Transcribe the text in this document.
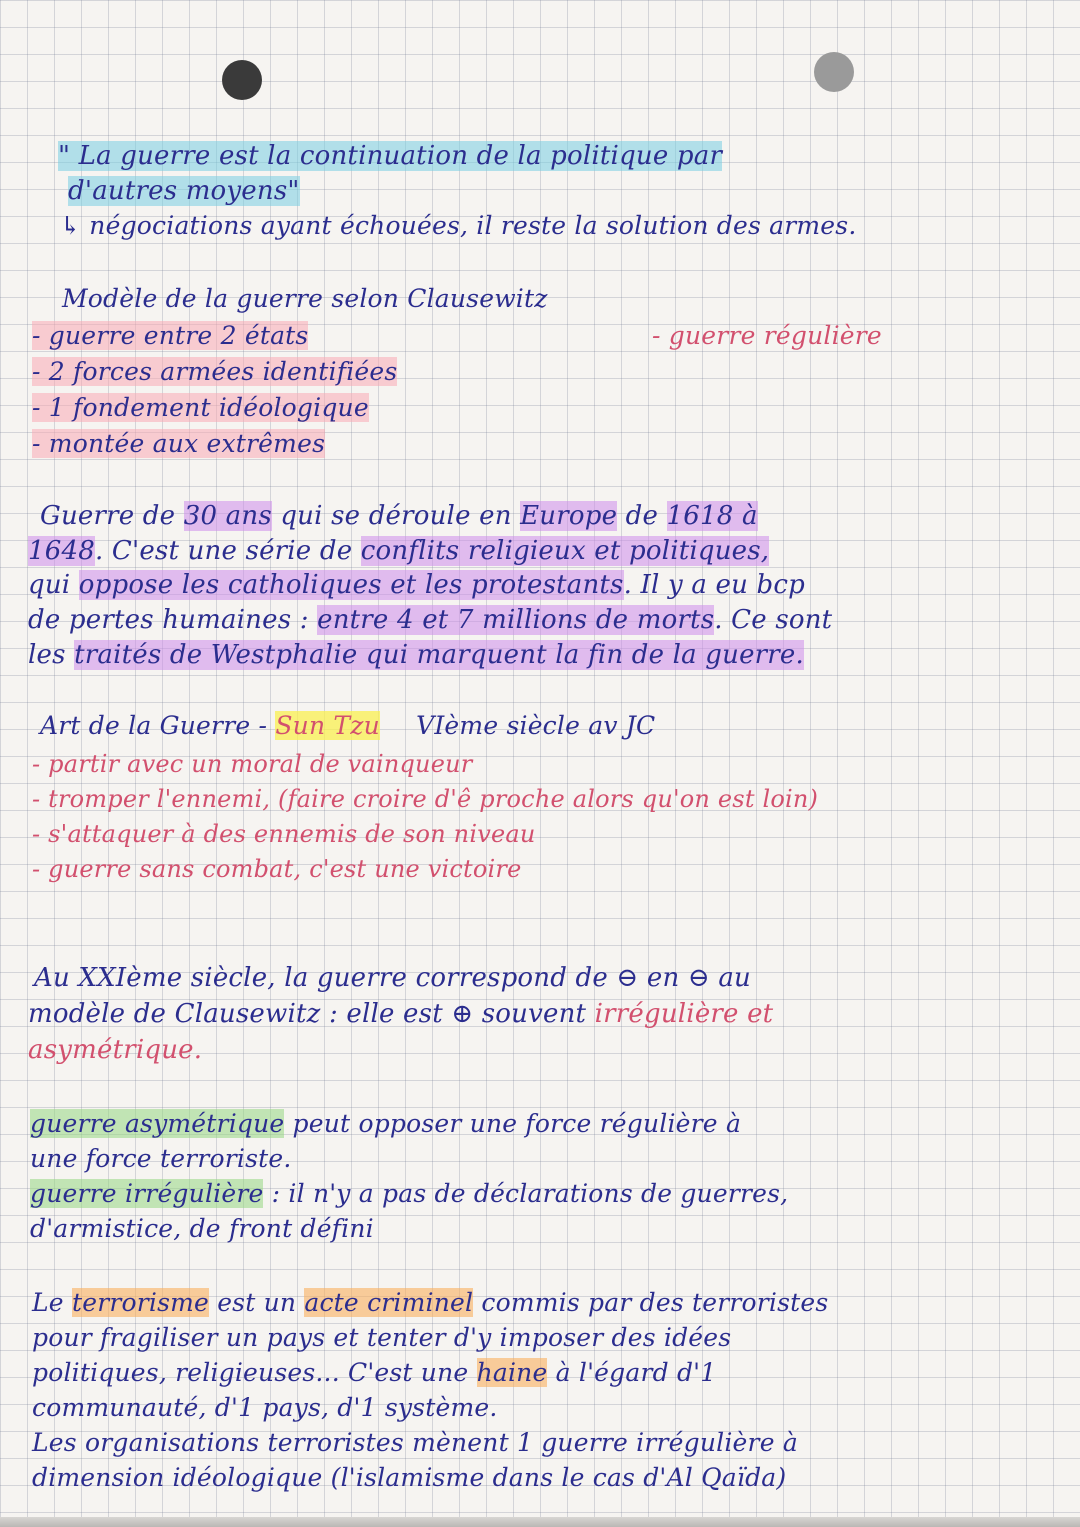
" La guerre est la continuation de la politique par
d'autres moyens"
↳ négociations ayant échouées, il reste la solution des armes.
Modèle de la guerre selon Clausewitz
- guerre entre 2 états	- guerre régulière
- 2 forces armées identifiées
- 1 fondement idéologique
- montée aux extrêmes
Guerre de 30 ans qui se déroule en Europe de 1618 à
1648. C'est une série de conflits religieux et politiques,
qui oppose les catholiques et les protestants. Il y a eu bcp
de pertes humaines : entre 4 et 7 millions de morts. Ce sont
les traités de Westphalie qui marquent la fin de la guerre.
Art de la Guerre - Sun Tzu VIème siècle av JC
- partir avec un moral de vainqueur
- tromper l'ennemi, (faire croire d'ê proche alors qu'on est loin)
- s'attaquer à des ennemis de son niveau
- guerre sans combat, c'est une victoire
Au XXIème siècle, la guerre correspond de ⊖ en ⊖ au
modèle de Clausewitz : elle est ⊕ souvent irrégulière et
asymétrique.
guerre asymétrique peut opposer une force régulière à
une force terroriste.
guerre irrégulière : il n'y a pas de déclarations de guerres,
d'armistice, de front défini
Le terrorisme est un acte criminel commis par des terroristes
pour fragiliser un pays et tenter d'y imposer des idées
politiques, religieuses... C'est une haine à l'égard d'1
communauté, d'1 pays, d'1 système.
Les organisations terroristes mènent 1 guerre irrégulière à
dimension idéologique (l'islamisme dans le cas d'Al Qaïda)
